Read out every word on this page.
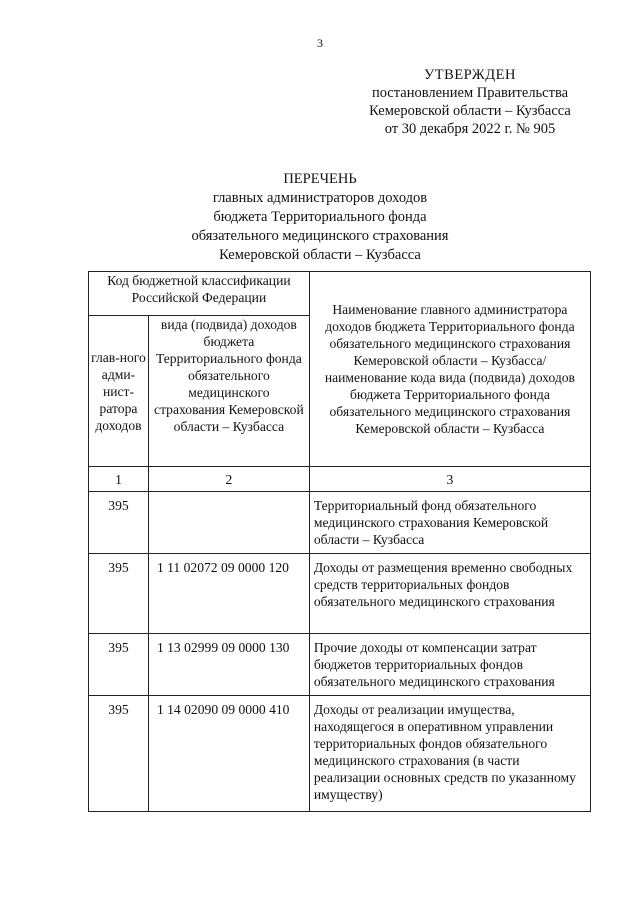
3
УТВЕРЖДЕН
постановлением Правительства
Кемеровской области – Кузбасса
от 30 декабря 2022 г. № 905
ПЕРЕЧЕНЬ
главных администраторов доходов
бюджета Территориального фонда
обязательного медицинского страхования
Кемеровской области – Кузбасса
Код бюджетной классификации Российской Федерации		Наименование главного администратора доходов бюджета Территориального фонда обязательного медицинского страхования Кемеровской области – Кузбасса/наименование кода вида (подвида) доходов бюджета Территориального фонда обязательного медицинского страхования Кемеровской области – Кузбасса
глав-ного адми-нист-ратора доходов	вида (подвида) доходов бюджета Территориального фонда обязательного медицинского страхования Кемеровской области – Кузбасса	
1	2	3
395		Территориальный фонд обязательного медицинского страхования Кемеровской области – Кузбасса
395	1 11 02072 09 0000 120	Доходы от размещения временно свободных средств территориальных фондов обязательного медицинского страхования
395	1 13 02999 09 0000 130	Прочие доходы от компенсации затрат бюджетов территориальных фондов обязательного медицинского страхования
395	1 14 02090 09 0000 410	Доходы от реализации имущества, находящегося в оперативном управлении территориальных фондов обязательного медицинского страхования (в части реализации основных средств по указанному имуществу)
